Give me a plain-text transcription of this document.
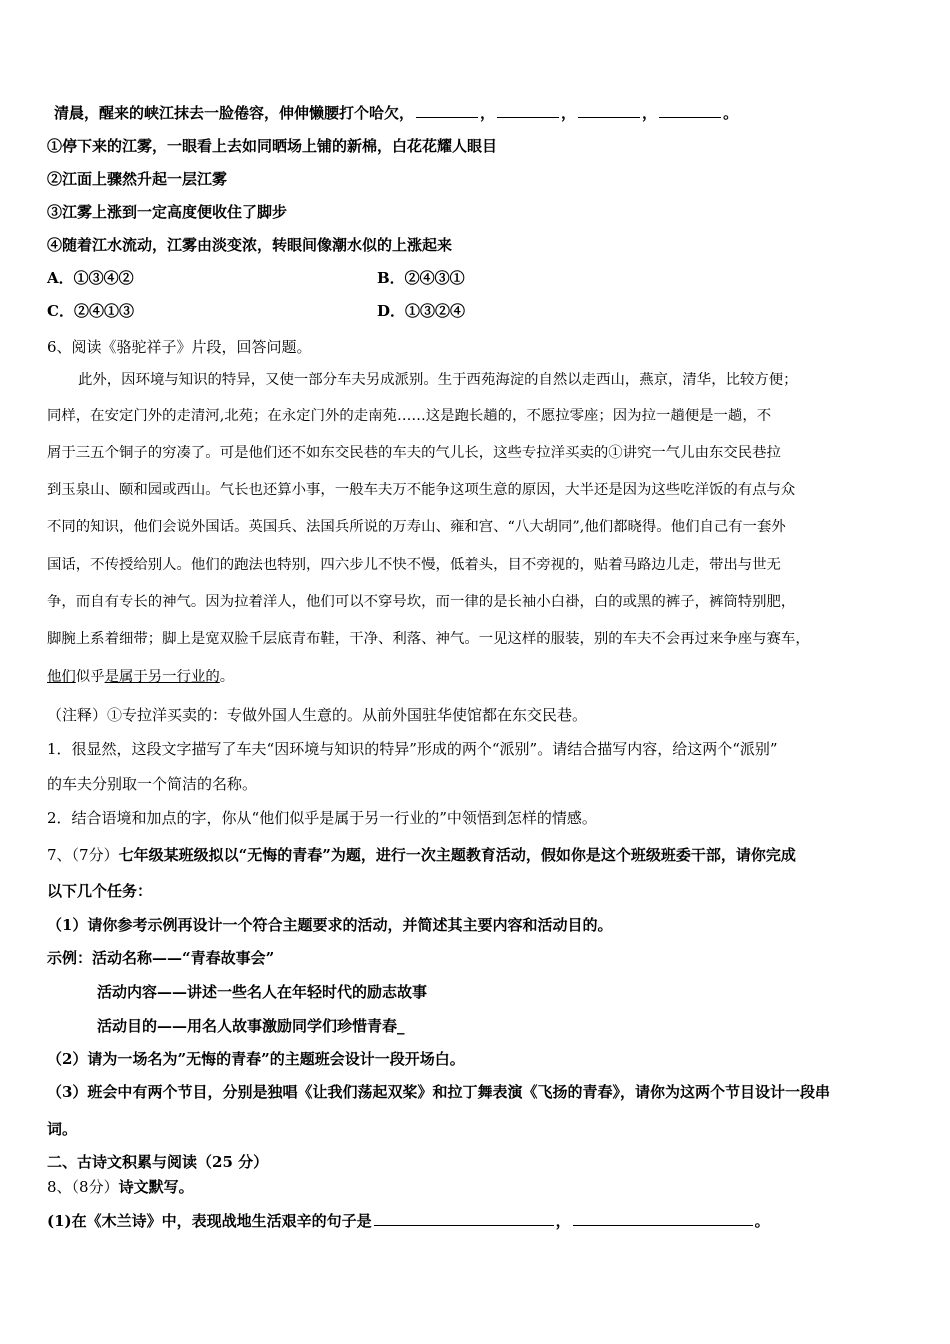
清晨，醒来的峡江抹去一脸倦容，伸伸懒腰打个哈欠，	，	，	，	。
①停下来的江雾，一眼看上去如同晒场上铺的新棉，白花花耀人眼目
②江面上骤然升起一层江雾
③江雾上涨到一定高度便收住了脚步
④随着江水流动，江雾由淡变浓，转眼间像潮水似的上涨起来
A．①③④②	B．②④③①
C．②④①③	D．①③②④
6、阅读《骆驼祥子》片段，回答问题。
此外，因环境与知识的特异，又使一部分车夫另成派别。生于西苑海淀的自然以走西山，燕京，清华，比较方便；
同样，在安定门外的走清河,北苑；在永定门外的走南苑……这是跑长趟的，不愿拉零座；因为拉一趟便是一趟，不
屑于三五个铜子的穷凑了。可是他们还不如东交民巷的车夫的气儿长，这些专拉洋买卖的①讲究一气儿由东交民巷拉
到玉泉山、颐和园或西山。气长也还算小事，一般车夫万不能争这项生意的原因，大半还是因为这些吃洋饭的有点与众
不同的知识，他们会说外国话。英国兵、法国兵所说的万寿山、雍和宫、“八大胡同”,他们都晓得。他们自己有一套外
国话，不传授给别人。他们的跑法也特别，四六步儿不快不慢，低着头，目不旁视的，贴着马路边儿走，带出与世无
争，而自有专长的神气。因为拉着洋人，他们可以不穿号坎，而一律的是长袖小白褂，白的或黑的裤子，裤筒特别肥，
脚腕上系着细带；脚上是宽双脸千层底青布鞋，干净、利落、神气。一见这样的服装，别的车夫不会再过来争座与赛车，
他们似乎是属于另一行业的。
（注释）①专拉洋买卖的：专做外国人生意的。从前外国驻华使馆都在东交民巷。
1．很显然，这段文字描写了车夫“因环境与知识的特异”形成的两个“派别”。请结合描写内容，给这两个“派别”
的车夫分别取一个简洁的名称。
2．结合语境和加点的字，你从“他们似乎是属于另一行业的”中领悟到怎样的情感。
7、（7分）七年级某班级拟以“无悔的青春”为题，进行一次主题教育活动，假如你是这个班级班委干部，请你完成
以下几个任务：
（1）请你参考示例再设计一个符合主题要求的活动，并简述其主要内容和活动目的。
示例：活动名称——“青春故事会”
活动内容——讲述一些名人在年轻时代的励志故事
活动目的——用名人故事激励同学们珍惜青春_
（2）请为一场名为”无悔的青春”的主题班会设计一段开场白。
（3）班会中有两个节目，分别是独唱《让我们荡起双桨》和拉丁舞表演《飞扬的青春》，请你为这两个节目设计一段串
词。
二、古诗文积累与阅读（25 分）
8、（8分）诗文默写。
(1)在《木兰诗》中，表现战地生活艰辛的句子是	，	。
